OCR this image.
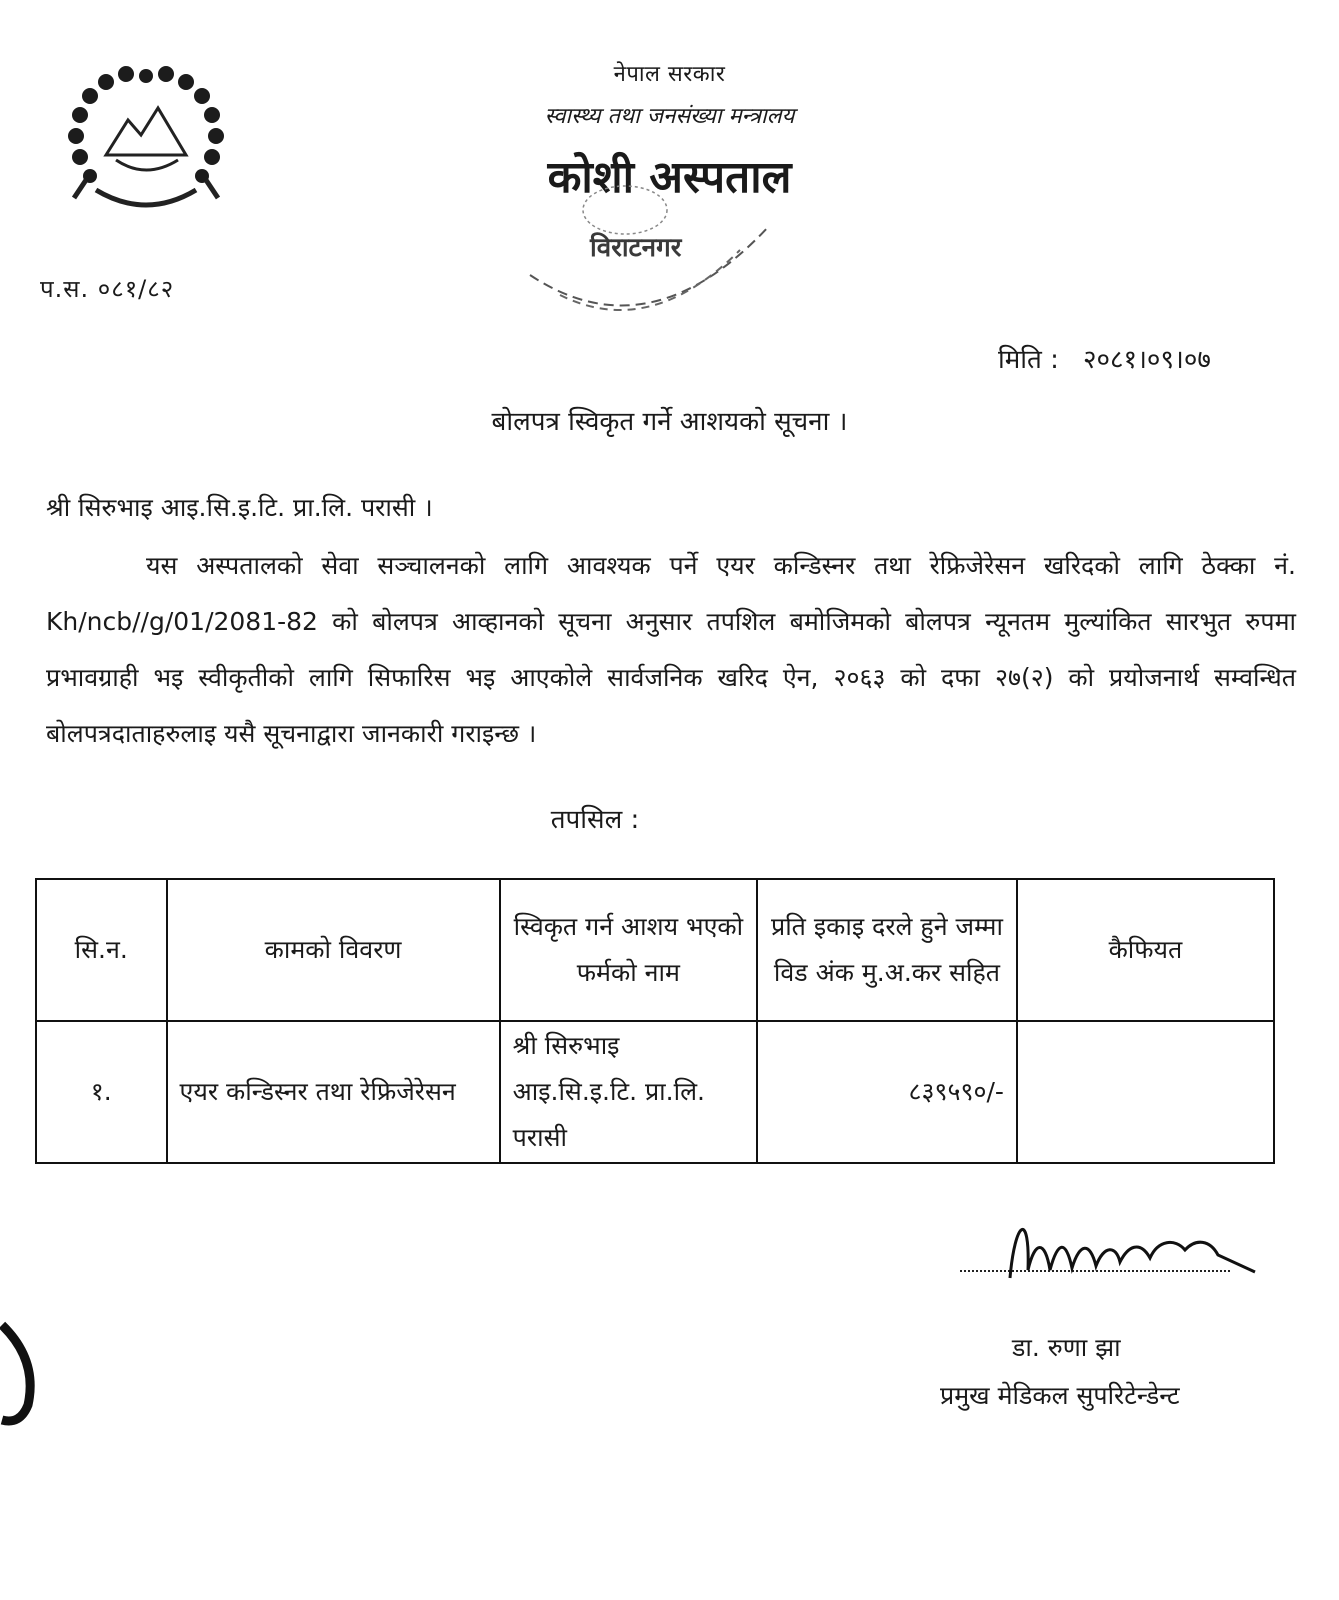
नेपाल सरकार
स्वास्थ्य तथा जनसंख्या मन्त्रालय
कोशी अस्पताल
विराटनगर
प.स. ०८१/८२
मिति : २०८१।०९।०७
बोलपत्र स्विकृत गर्ने आशयको सूचना ।
श्री सिरुभाइ आइ.सि.इ.टि. प्रा.लि. परासी ।
यस अस्पतालको सेवा सञ्चालनको लागि आवश्यक पर्ने एयर कन्डिस्नर तथा रेफ्रिजेरेसन खरिदको लागि ठेक्का नं. Kh/ncb//g/01/2081-82 को बोलपत्र आव्हानको सूचना अनुसार तपशिल बमोजिमको बोलपत्र न्यूनतम मुल्यांकित सारभुत रुपमा प्रभावग्राही भइ स्वीकृतीको लागि सिफारिस भइ आएकोले सार्वजनिक खरिद ऐन, २०६३ को दफा २७(२) को प्रयोजनार्थ सम्वन्धित बोलपत्रदाताहरुलाइ यसै सूचनाद्वारा जानकारी गराइन्छ ।
तपसिल :
सि.न.	कामको विवरण	स्विकृत गर्न आशय भएको फर्मको नाम	प्रति इकाइ दरले हुने जम्मा विड अंक मु.अ.कर सहित	कैफियत
१.	एयर कन्डिस्नर तथा रेफ्रिजेरेसन	श्री सिरुभाइ आइ.सि.इ.टि. प्रा.लि. परासी	८३९५९०/-	
डा. रुणा झा
प्रमुख मेडिकल सुपरिटेन्डेन्ट
